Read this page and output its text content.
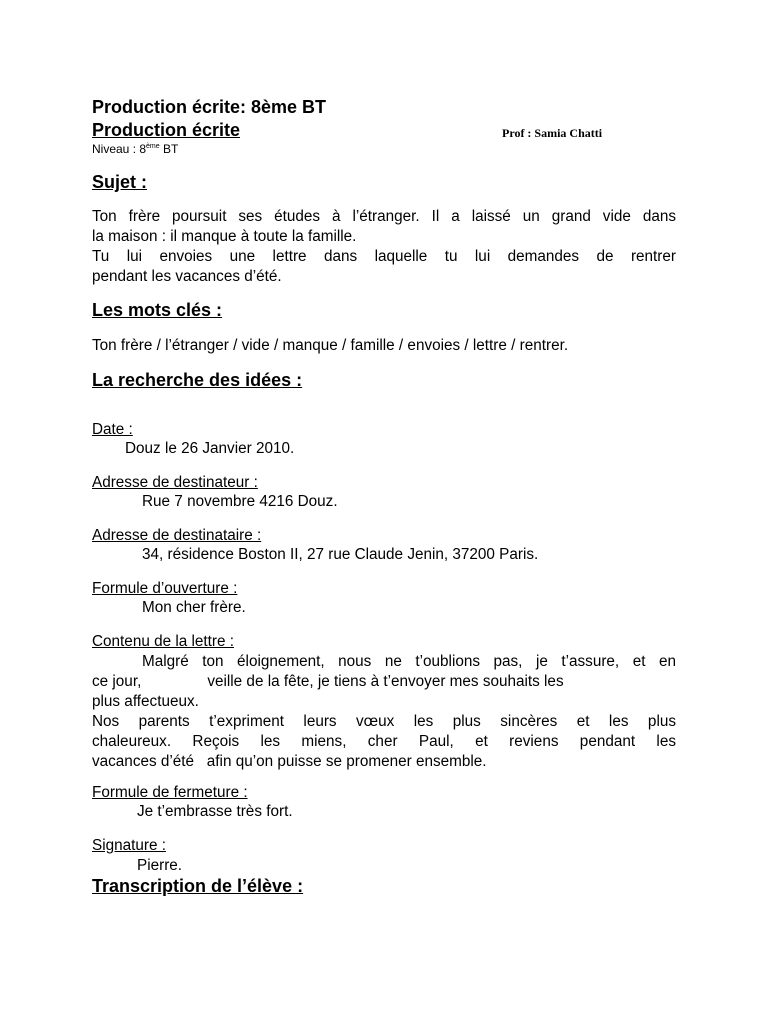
Production écrite: 8ème BT
Production écrite	Prof : Samia Chatti
Niveau : 8ème BT
Sujet :
Ton frère poursuit ses études à l’étranger. Il a laissé un grand vide dans
la maison : il manque à toute la famille.
Tu lui envoies une lettre dans laquelle tu lui demandes de rentrer
pendant les vacances d’été.
Les mots clés :
Ton frère / l’étranger / vide / manque / famille / envoies / lettre / rentrer.
La recherche des idées :
Date :
Douz le 26 Janvier 2010.
Adresse de destinateur :
Rue 7 novembre 4216 Douz.
Adresse de destinataire :
34, résidence Boston II, 27 rue Claude Jenin, 37200 Paris.
Formule d’ouverture :
Mon cher frère.
Contenu de la lettre :
Malgré ton éloignement, nous ne t’oublions pas, je t’assure, et en
ce jour,	veille de la fête, je tiens à t’envoyer mes souhaits les
plus affectueux.
Nos parents t’expriment leurs vœux les plus sincères et les plus
chaleureux. Reçois les miens, cher Paul, et reviens pendant les
vacances d’été   afin qu’on puisse se promener ensemble.
Formule de fermeture :
Je t’embrasse très fort.
Signature :
Pierre.
Transcription de l’élève :
